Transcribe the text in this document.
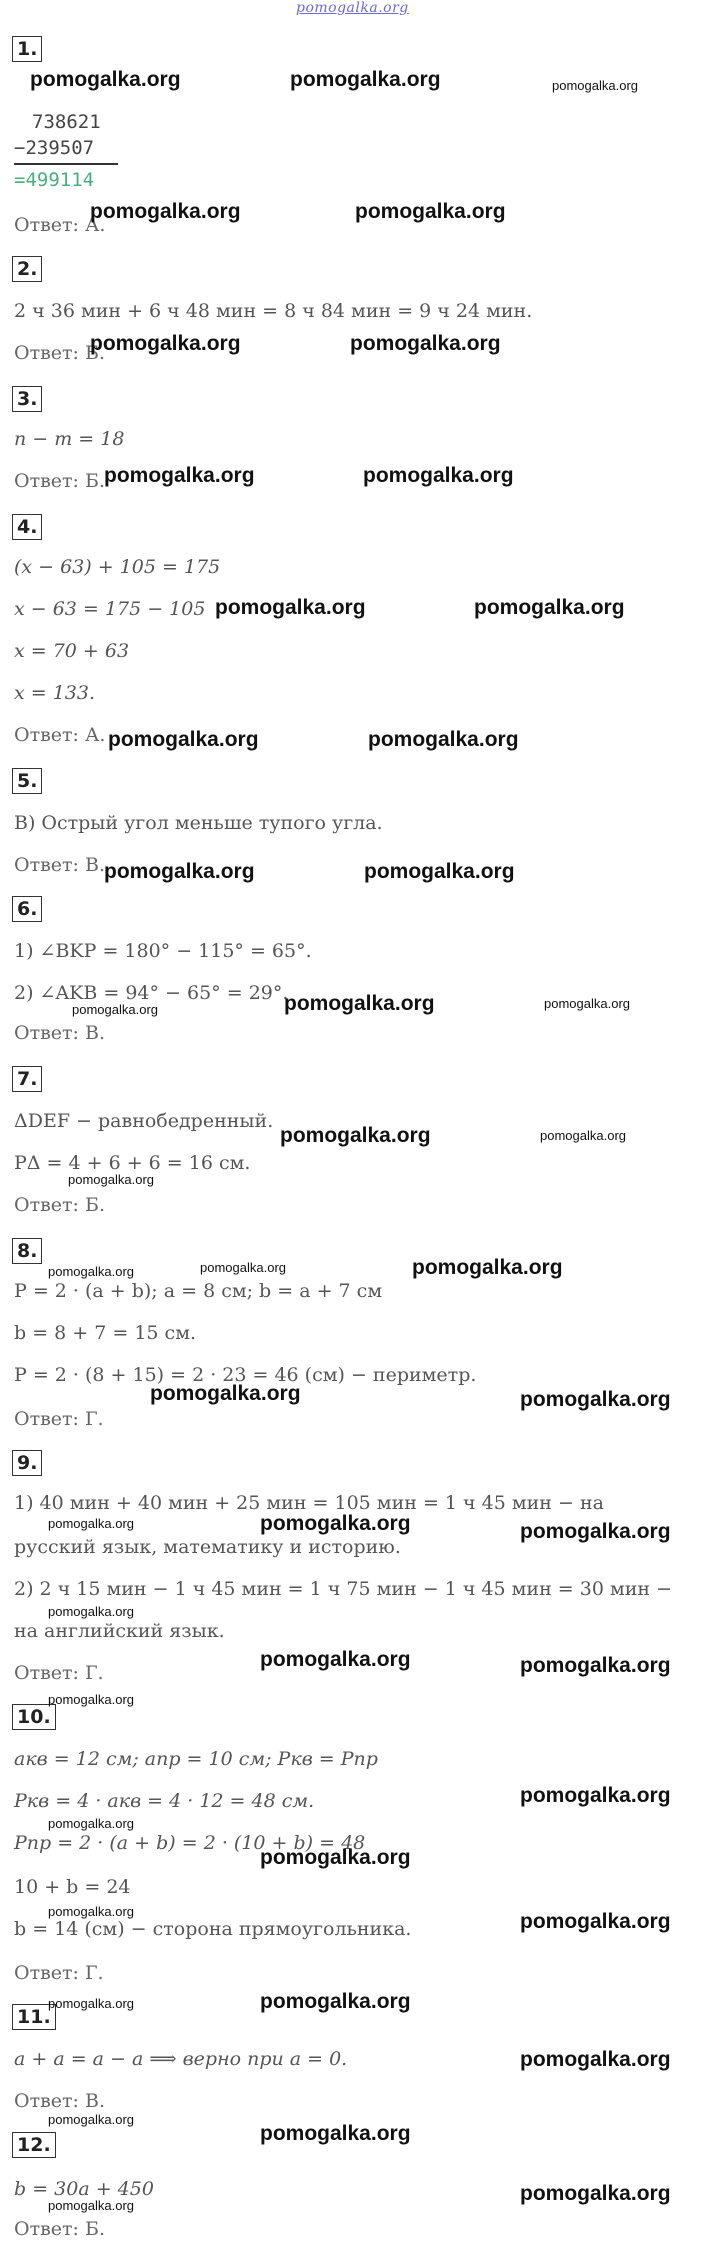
pomogalka.org
1.
738621
−239507
=499114
Ответ: А.
2.
2 ч 36 мин + 6 ч 48 мин = 8 ч 84 мин = 9 ч 24 мин.
Ответ: Б.
3.
n − m = 18
Ответ: Б.
4.
(x − 63) + 105 = 175
x − 63 = 175 − 105
x = 70 + 63
x = 133.
Ответ: А.
5.
В) Острый угол меньше тупого угла.
Ответ: В.
6.
1) ∠BKP = 180° − 115° = 65°.
2) ∠AKB = 94° − 65° = 29°.
Ответ: В.
7.
ΔDEF − равнобедренный.
PΔ = 4 + 6 + 6 = 16 см.
Ответ: Б.
8.
P = 2 · (a + b); a = 8 см; b = a + 7 см
b = 8 + 7 = 15 см.
P = 2 · (8 + 15) = 2 · 23 = 46 (см) − периметр.
Ответ: Г.
9.
1) 40 мин + 40 мин + 25 мин = 105 мин = 1 ч 45 мин − на
русский язык, математику и историю.
2) 2 ч 15 мин − 1 ч 45 мин = 1 ч 75 мин − 1 ч 45 мин = 30 мин −
на английский язык.
Ответ: Г.
10.
aкв = 12 см; aпр = 10 см; Pкв = Pпр
Pкв = 4 · aкв = 4 · 12 = 48 см.
Pпр = 2 · (a + b) = 2 · (10 + b) = 48
10 + b = 24
b = 14 (см) − сторона прямоугольника.
Ответ: Г.
11.
a + a = a − a ⟹ верно при a = 0.
Ответ: В.
12.
b = 30a + 450
Ответ: Б.
pomogalka.org	pomogalka.org
pomogalka.org	pomogalka.org
pomogalka.org	pomogalka.org
pomogalka.org	pomogalka.org
pomogalka.org	pomogalka.org
pomogalka.org	pomogalka.org
pomogalka.org	pomogalka.org
pomogalka.org
pomogalka.org
pomogalka.org
pomogalka.org	pomogalka.org
pomogalka.org	pomogalka.org
pomogalka.org	pomogalka.org
pomogalka.org
pomogalka.org
pomogalka.org
pomogalka.org
pomogalka.org
pomogalka.org
pomogalka.org
pomogalka.org
pomogalka.org	pomogalka.org
pomogalka.org
pomogalka.org
pomogalka.org	pomogalka.org
pomogalka.org
pomogalka.org
pomogalka.org
pomogalka.org
pomogalka.org
pomogalka.org
pomogalka.org
pomogalka.org
